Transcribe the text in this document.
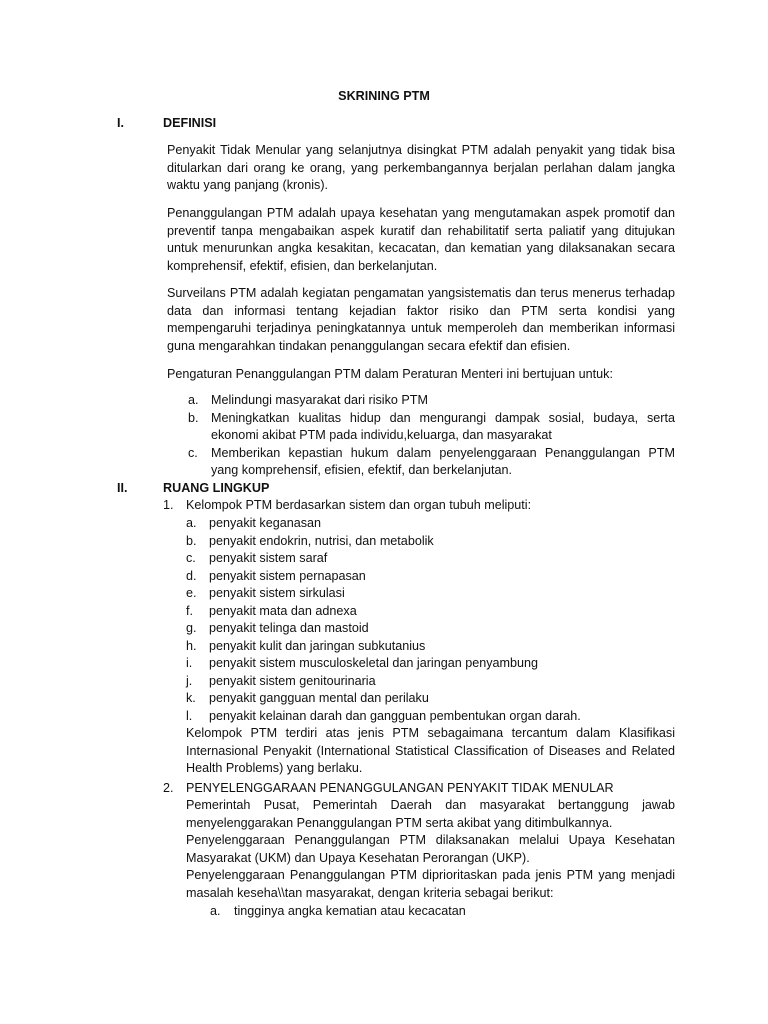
SKRINING PTM
I.	DEFINISI
Penyakit Tidak Menular yang selanjutnya disingkat PTM adalah penyakit yang tidak bisa ditularkan dari orang ke orang, yang perkembangannya berjalan perlahan dalam jangka waktu yang panjang (kronis).
Penanggulangan PTM adalah upaya kesehatan yang mengutamakan aspek promotif dan preventif tanpa mengabaikan aspek kuratif dan rehabilitatif serta paliatif yang ditujukan untuk menurunkan angka kesakitan, kecacatan, dan kematian yang dilaksanakan secara komprehensif, efektif, efisien, dan berkelanjutan.
Surveilans PTM adalah kegiatan pengamatan yangsistematis dan terus menerus terhadap data dan informasi tentang kejadian faktor risiko dan PTM serta kondisi yang mempengaruhi terjadinya peningkatannya untuk memperoleh dan memberikan informasi guna mengarahkan tindakan penanggulangan secara efektif dan efisien.
Pengaturan Penanggulangan PTM dalam Peraturan Menteri ini bertujuan untuk:
a. Melindungi masyarakat dari risiko PTM
b. Meningkatkan kualitas hidup dan mengurangi dampak sosial, budaya, serta ekonomi akibat PTM pada individu,keluarga, dan masyarakat
c. Memberikan kepastian hukum dalam penyelenggaraan Penanggulangan PTM yang komprehensif, efisien, efektif, dan berkelanjutan.
II.	RUANG LINGKUP
1. Kelompok PTM berdasarkan sistem dan organ tubuh meliputi:
a. penyakit keganasan
b. penyakit endokrin, nutrisi, dan metabolik
c. penyakit sistem saraf
d. penyakit sistem pernapasan
e. penyakit sistem sirkulasi
f. penyakit mata dan adnexa
g. penyakit telinga dan mastoid
h. penyakit kulit dan jaringan subkutanius
i. penyakit sistem musculoskeletal dan jaringan penyambung
j. penyakit sistem genitourinaria
k. penyakit gangguan mental dan perilaku
l. penyakit kelainan darah dan gangguan pembentukan organ darah.
Kelompok PTM terdiri atas jenis PTM sebagaimana tercantum dalam Klasifikasi Internasional Penyakit (International Statistical Classification of Diseases and Related Health Problems) yang berlaku.
2. PENYELENGGARAAN PENANGGULANGAN PENYAKIT TIDAK MENULAR
Pemerintah Pusat, Pemerintah Daerah dan masyarakat bertanggung jawab menyelenggarakan Penanggulangan PTM serta akibat yang ditimbulkannya.
Penyelenggaraan Penanggulangan PTM dilaksanakan melalui Upaya Kesehatan Masyarakat (UKM) dan Upaya Kesehatan Perorangan (UKP).
Penyelenggaraan Penanggulangan PTM diprioritaskan pada jenis PTM yang menjadi masalah keseha\\tan masyarakat, dengan kriteria sebagai berikut:
a. tingginya angka kematian atau kecacatan
